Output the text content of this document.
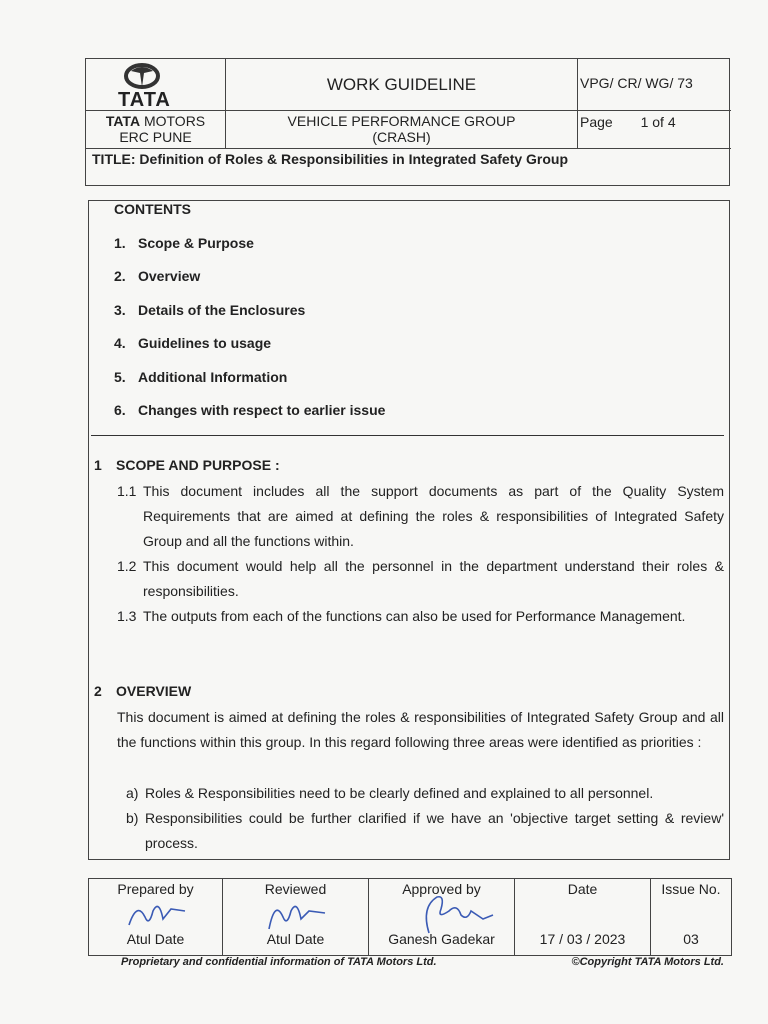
TATA
WORK GUIDELINE	VPG/ CR/ WG/ 73
TATA MOTORS
ERC PUNE
VEHICLE PERFORMANCE GROUP
(CRASH)
Page 1 of 4
TITLE: Definition of Roles & Responsibilities in Integrated Safety Group
CONTENTS
1. Scope & Purpose
2. Overview
3. Details of the Enclosures
4. Guidelines to usage
5. Additional Information
6. Changes with respect to earlier issue
1 SCOPE AND PURPOSE :
1.1 This document includes all the support documents as part of the Quality System Requirements that are aimed at defining the roles & responsibilities of Integrated Safety Group and all the functions within.
1.2 This document would help all the personnel in the department understand their roles & responsibilities.
1.3 The outputs from each of the functions can also be used for Performance Management.
2 OVERVIEW
This document is aimed at defining the roles & responsibilities of Integrated Safety Group and all the functions within this group. In this regard following three areas were identified as priorities :
a) Roles & Responsibilities need to be clearly defined and explained to all personnel.
b) Responsibilities could be further clarified if we have an 'objective target setting & review' process.
Prepared by
Atul Date
Reviewed
Atul Date
Approved by
Ganesh Gadekar
Date
17 / 03 / 2023
Issue No.
03
Proprietary and confidential information of TATA Motors Ltd.	©Copyright TATA Motors Ltd.
